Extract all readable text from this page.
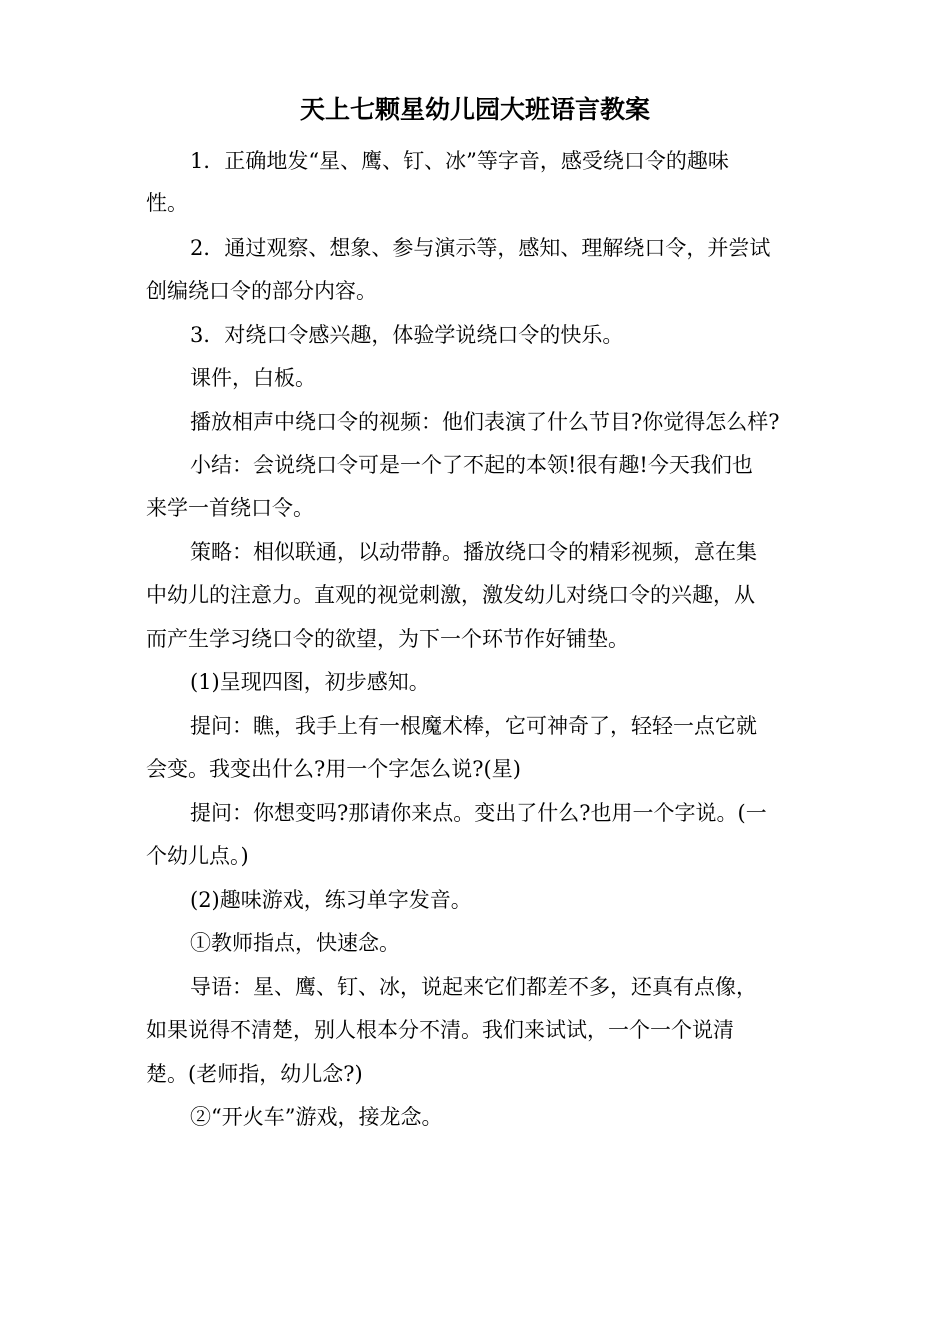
天上七颗星幼儿园大班语言教案

1．正确地发“星、鹰、钉、冰”等字音，感受绕口令的趣味

性。

2．通过观察、想象、参与演示等，感知、理解绕口令，并尝试

创编绕口令的部分内容。

3．对绕口令感兴趣，体验学说绕口令的快乐。

课件，白板。

播放相声中绕口令的视频：他们表演了什么节目?你觉得怎么样?

小结：会说绕口令可是一个了不起的本领!很有趣!今天我们也

来学一首绕口令。

策略：相似联通，以动带静。播放绕口令的精彩视频，意在集

中幼儿的注意力。直观的视觉刺激，激发幼儿对绕口令的兴趣，从

而产生学习绕口令的欲望，为下一个环节作好铺垫。

(1)呈现四图，初步感知。

提问：瞧，我手上有一根魔术棒，它可神奇了，轻轻一点它就

会变。我变出什么?用一个字怎么说?(星)

提问：你想变吗?那请你来点。变出了什么?也用一个字说。(一

个幼儿点。)

(2)趣味游戏，练习单字发音。

①教师指点，快速念。

导语：星、鹰、钉、冰，说起来它们都差不多，还真有点像，

如果说得不清楚，别人根本分不清。我们来试试，一个一个说清

楚。(老师指，幼儿念?)

②“开火车”游戏，接龙念。
